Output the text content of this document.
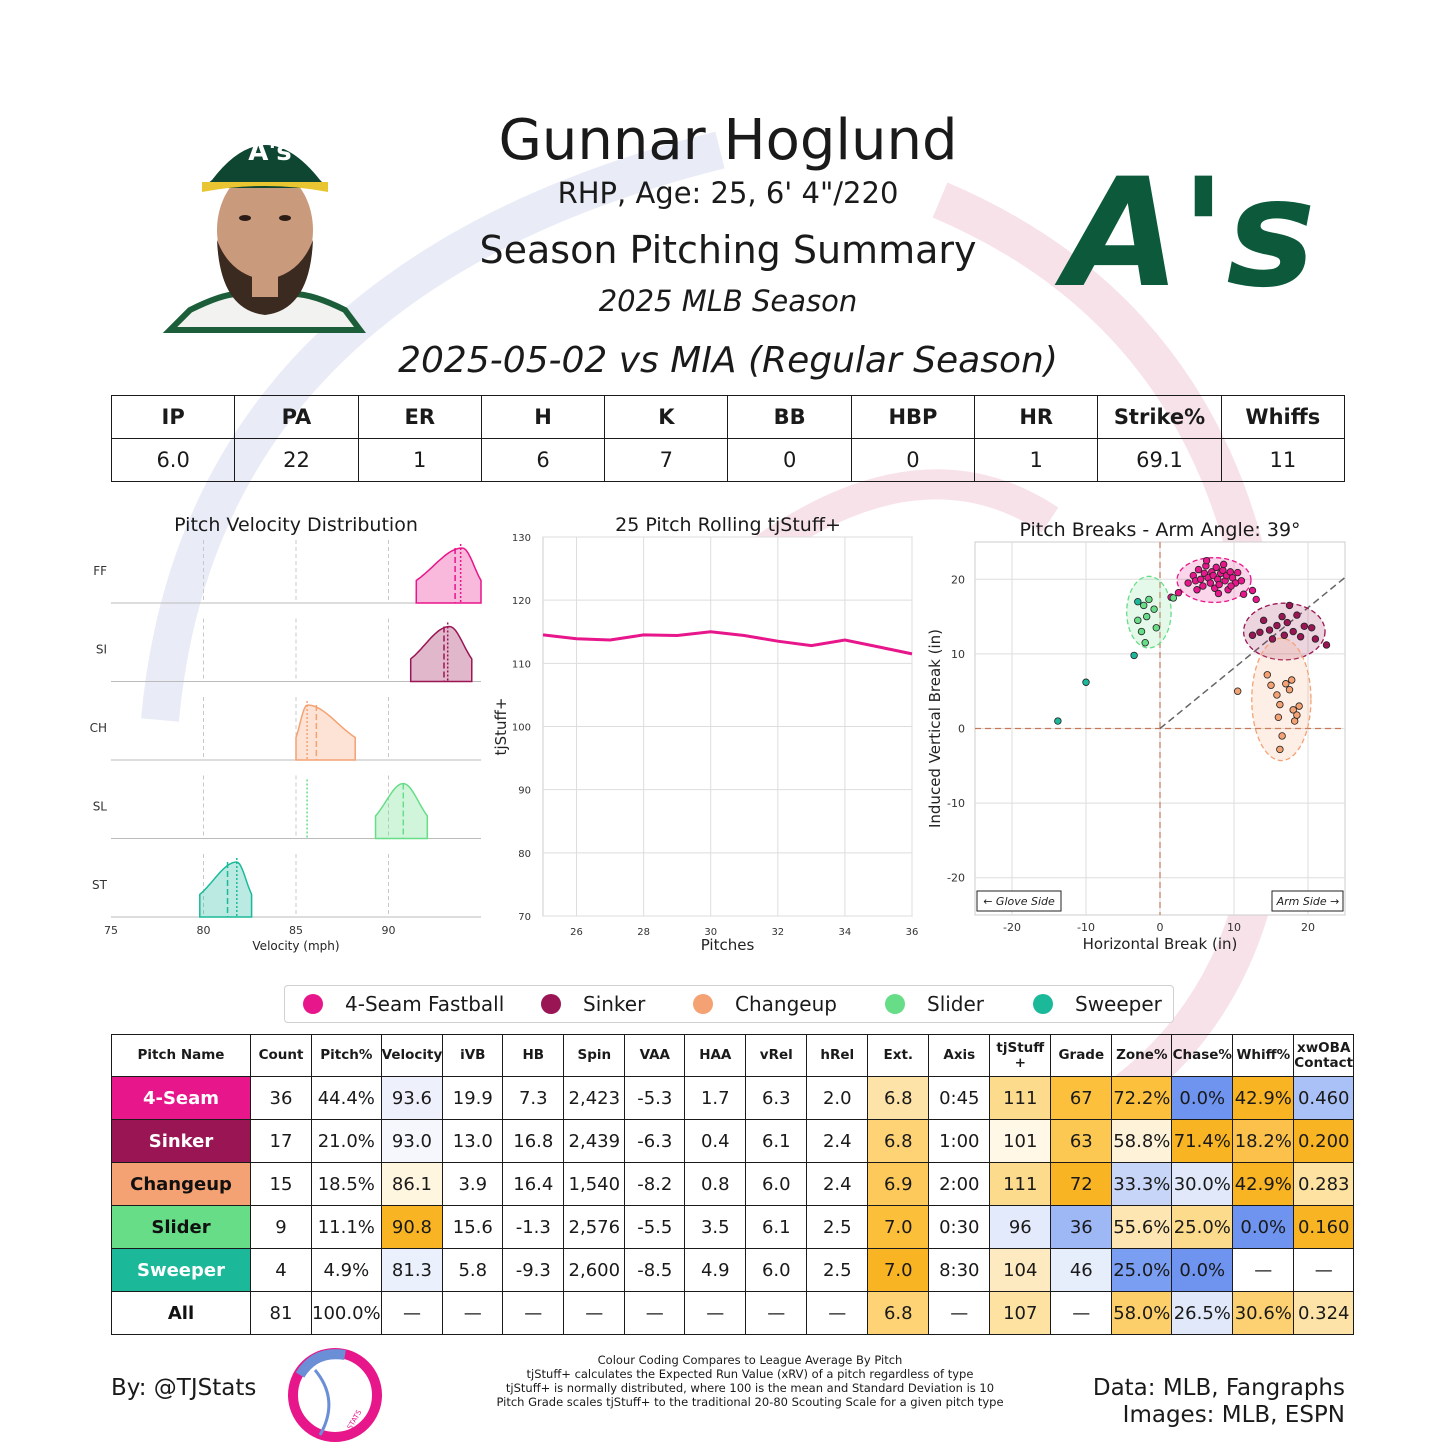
A's	A's
Gunnar Hoglund
RHP, Age: 25, 6' 4"/220
Season Pitching Summary
2025 MLB Season
2025-05-02 vs MIA (Regular Season)
IP	PA	ER	H	K	BB	HBP	HR	Strike%	Whiffs
6.0	22	1	6	7	0	0	1	69.1	11
Pitch Velocity Distribution	25 Pitch Rolling tjStuff+	Pitch Breaks - Arm Angle: 39°
FF
SI
CH
SL
ST
75	80	85	90
Velocity (mph)
70
80
90
100
110
120
130
26	28	30	32	34	36
Pitches
tjStuff+
-20
-10
0
10
20
-20	-10	0	10	20
← Glove Side	Arm Side →
Horizontal Break (in)
Induced Vertical Break (in)
4-Seam Fastball	Sinker	Changeup	Slider	Sweeper
Pitch Name	Count	Pitch%	Velocity	iVB	HB	Spin	VAA	HAA	vRel	hRel	Ext.	Axis	tjStuff +	Grade	Zone%	Chase%	Whiff%	xwOBA Contact
4-Seam	36	44.4%	93.6	19.9	7.3	2,423	-5.3	1.7	6.3	2.0	6.8	0:45	111	67	72.2%	0.0%	42.9%	0.460
Sinker	17	21.0%	93.0	13.0	16.8	2,439	-6.3	0.4	6.1	2.4	6.8	1:00	101	63	58.8%	71.4%	18.2%	0.200
Changeup	15	18.5%	86.1	3.9	16.4	1,540	-8.2	0.8	6.0	2.4	6.9	2:00	111	72	33.3%	30.0%	42.9%	0.283
Slider	9	11.1%	90.8	15.6	-1.3	2,576	-5.5	3.5	6.1	2.5	7.0	0:30	96	36	55.6%	25.0%	0.0%	0.160
Sweeper	4	4.9%	81.3	5.8	-9.3	2,600	-8.5	4.9	6.0	2.5	7.0	8:30	104	46	25.0%	0.0%	—	—
All	81	100.0%	—	—	—	—	—	—	—	—	6.8	—	107	—	58.0%	26.5%	30.6%	0.324
By: @TJStats
STATS
Colour Coding Compares to League Average By Pitch
tjStuff+ calculates the Expected Run Value (xRV) of a pitch regardless of type
tjStuff+ is normally distributed, where 100 is the mean and Standard Deviation is 10
Pitch Grade scales tjStuff+ to the traditional 20-80 Scouting Scale for a given pitch type
Data: MLB, Fangraphs
Images: MLB, ESPN
